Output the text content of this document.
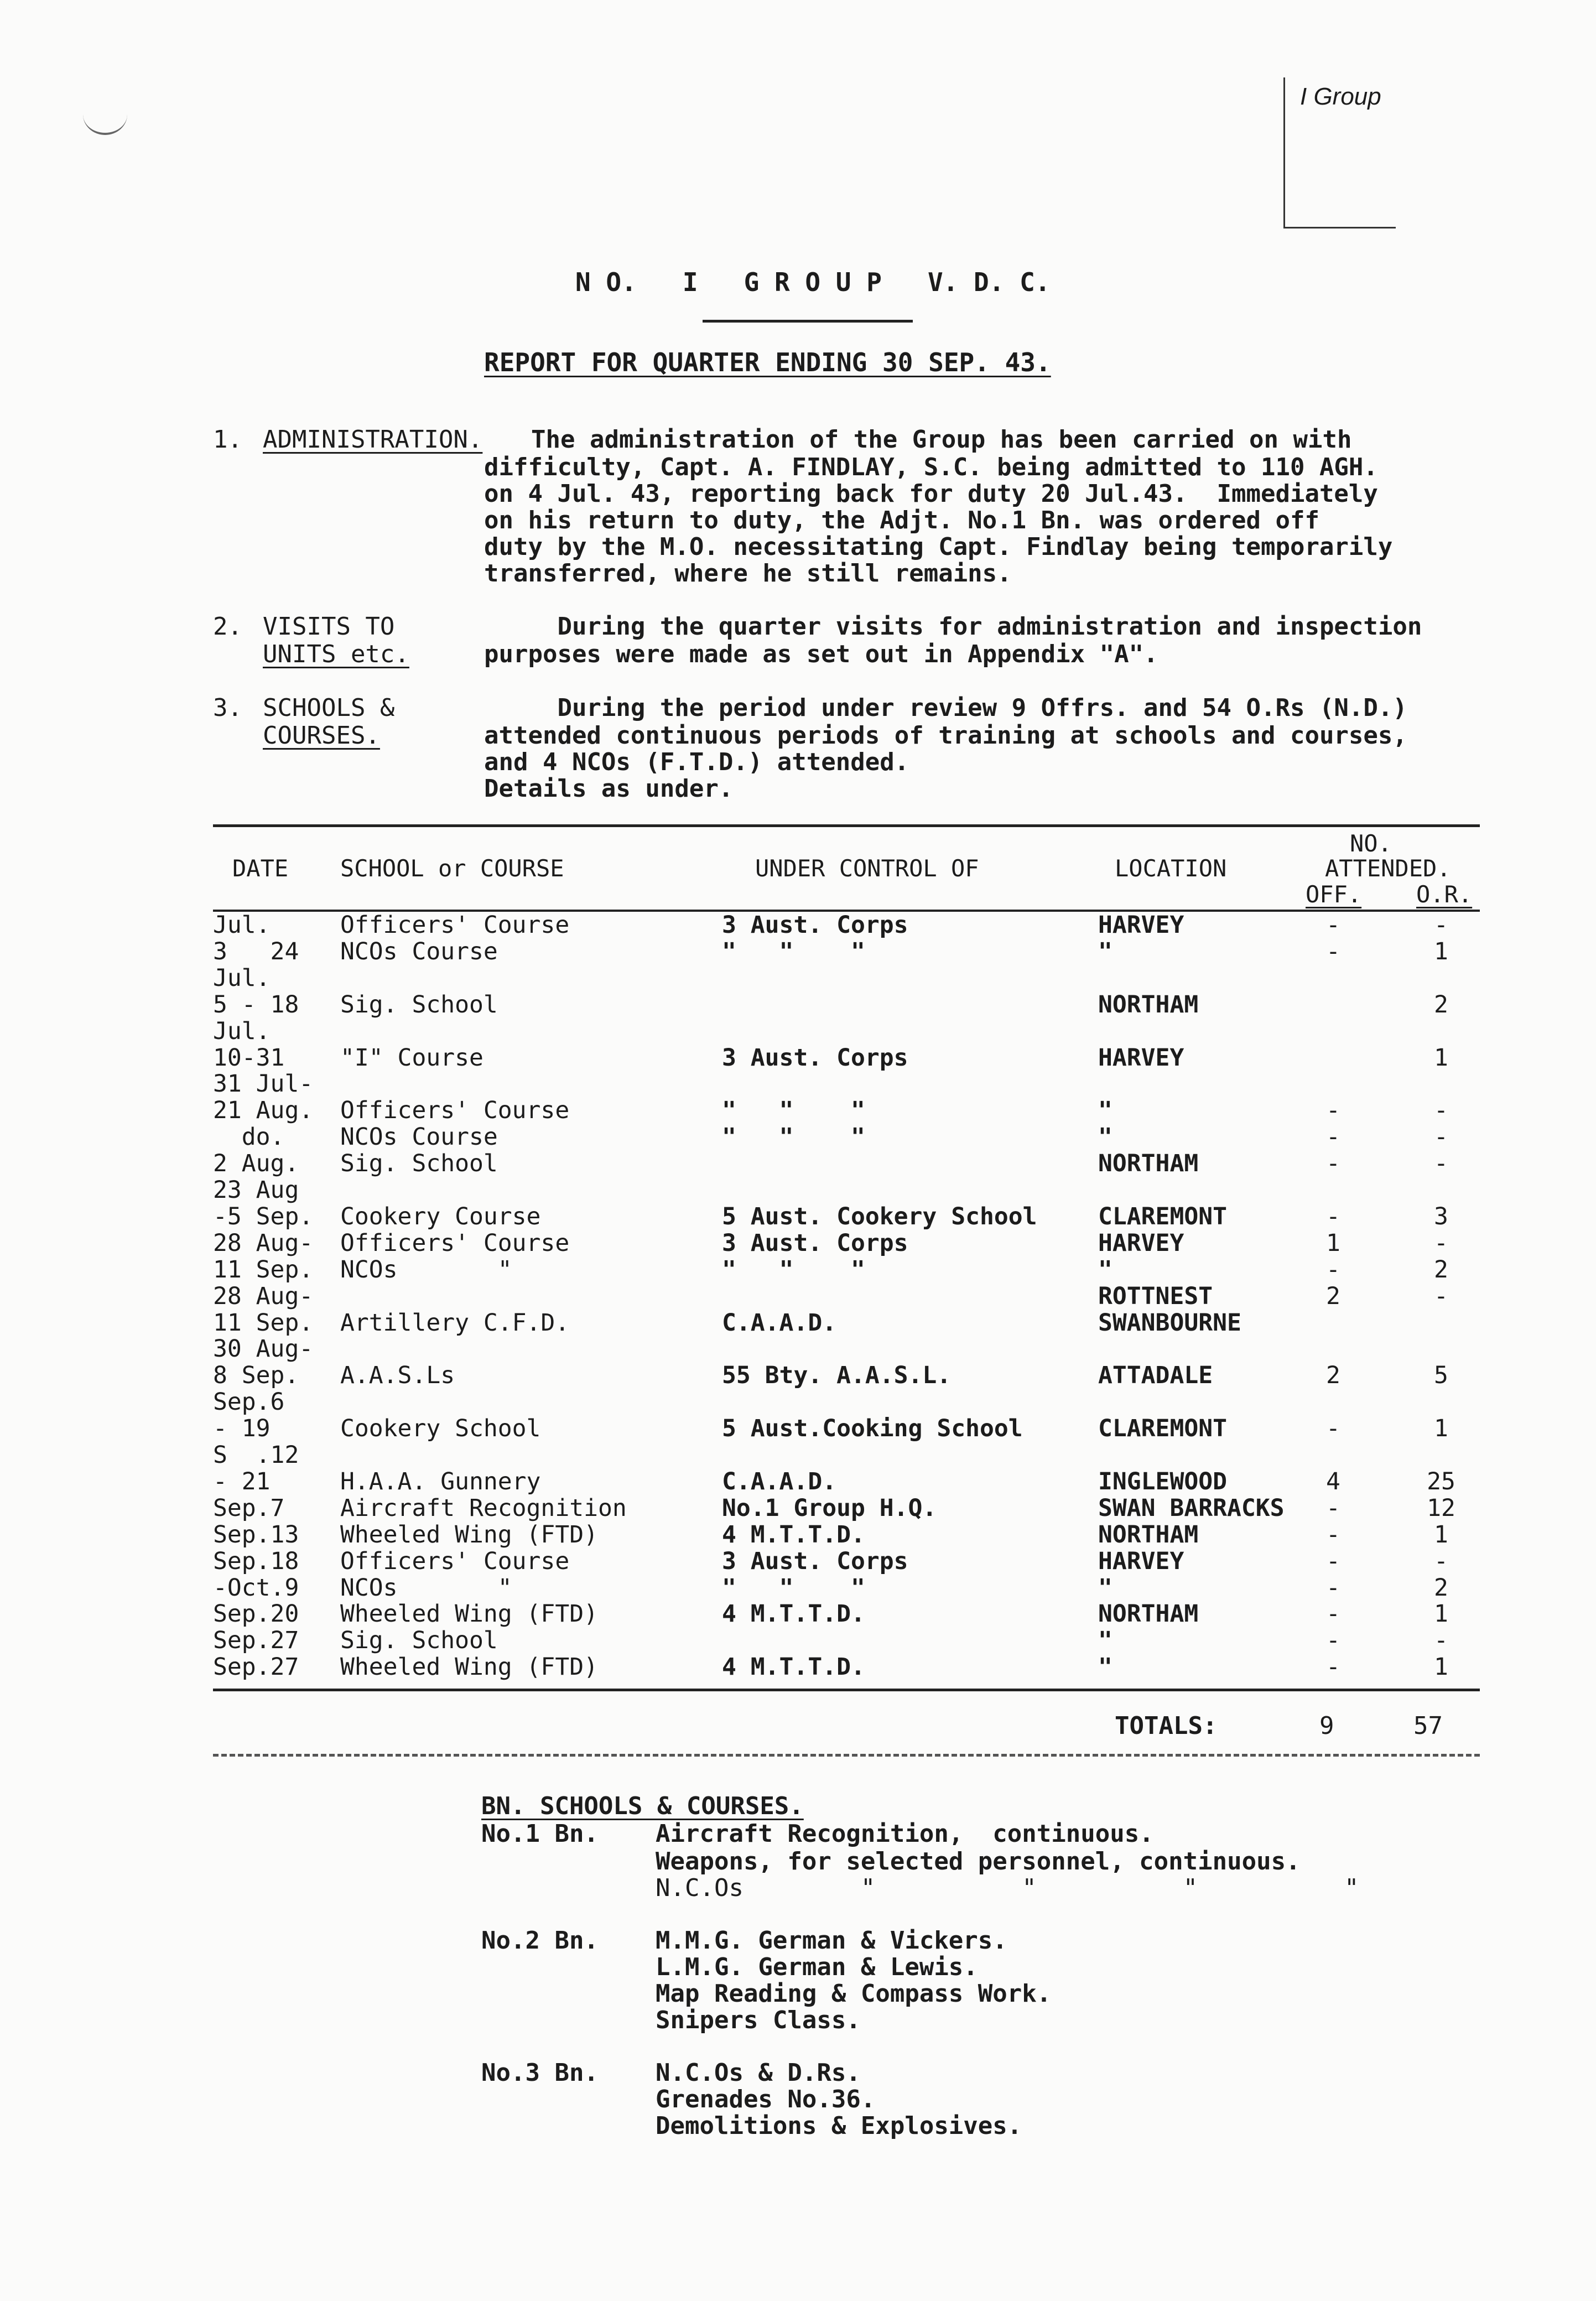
I Group
N O.   I   G R O U P   V. D. C.
REPORT FOR QUARTER ENDING 30 SEP. 43.
1. ADMINISTRATION. The administration of the Group has been carried on with
difficulty, Capt. A. FINDLAY, S.C. being admitted to 110 AGH.
on 4 Jul. 43, reporting back for duty 20 Jul.43.  Immediately
on his return to duty, the Adjt. No.1 Bn. was ordered off
duty by the M.O. necessitating Capt. Findlay being temporarily
transferred, where he still remains.
2. VISITS TO
UNITS etc.
During the quarter visits for administration and inspection
purposes were made as set out in Appendix "A".
3. SCHOOLS &
COURSES.
During the period under review 9 Offrs. and 54 O.Rs (N.D.)
attended continuous periods of training at schools and courses,
and 4 NCOs (F.T.D.) attended.
Details as under.
DATE SCHOOL or COURSE	UNDER CONTROL OF	LOCATION
NO.
ATTENDED.
OFF. O.R.
Jul.	Officers' Course	3 Aust. Corps	HARVEY	-	-
3   24 NCOs Course	"   "    "	"	-	1
Jul.
5 - 18 Sig. School	NORTHAM	2
Jul.
10-31 "I" Course	3 Aust. Corps	HARVEY	1
31 Jul-
21 Aug. Officers' Course	"   "    "	"	-	-
do. NCOs Course	"   "    "	"	-	-
2 Aug. Sig. School	NORTHAM	-	-
23 Aug
-5 Sep. Cookery Course	5 Aust. Cookery School	CLAREMONT	-	3
28 Aug- Officers' Course	3 Aust. Corps	HARVEY	1	-
11 Sep. NCOs       "	"   "    "	"	-	2
28 Aug-	ROTTNEST	2	-
11 Sep. Artillery C.F.D.	C.A.A.D.	SWANBOURNE
30 Aug-
8 Sep. A.A.S.Ls	55 Bty. A.A.S.L.	ATTADALE	2	5
Sep.6
- 19	Cookery School	5 Aust.Cooking School	CLAREMONT	-	1
S  .12
- 21	H.A.A. Gunnery	C.A.A.D.	INGLEWOOD	4	25
Sep.7 Aircraft Recognition	No.1 Group H.Q.	SWAN BARRACKS	-	12
Sep.13 Wheeled Wing (FTD)	4 M.T.T.D.	NORTHAM	-	1
Sep.18 Officers' Course	3 Aust. Corps	HARVEY	-	-
-Oct.9 NCOs       "	"   "    "	"	-	2
Sep.20 Wheeled Wing (FTD)	4 M.T.T.D.	NORTHAM	-	1
Sep.27 Sig. School	"	-	-
Sep.27 Wheeled Wing (FTD)	4 M.T.T.D.	"	-	1
TOTALS:	9	57
BN. SCHOOLS & COURSES.
No.1 Bn. Aircraft Recognition,  continuous.
Weapons, for selected personnel, continuous.
N.C.Os        "          "          "          "
No.2 Bn. M.M.G. German & Vickers.
L.M.G. German & Lewis.
Map Reading & Compass Work.
Snipers Class.
No.3 Bn. N.C.Os & D.Rs.
Grenades No.36.
Demolitions & Explosives.
